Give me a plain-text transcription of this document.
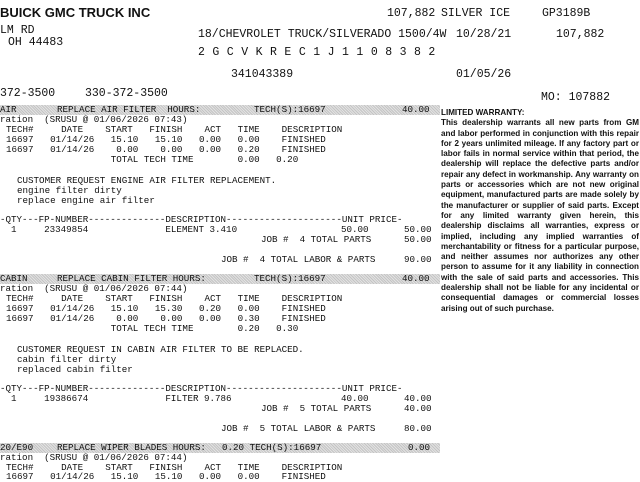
BUICK GMC TRUCK INC
LM RD
OH 44483
107,882 SILVER ICE	GP3189B
18/CHEVROLET TRUCK/SILVERADO 1500/4W 10/28/21	107,882
2 G C V K R E C 1 J 1 1 0 8 3 8 2
341043389	01/05/26
372-3500	330-372-3500	MO: 107882
AIR	REPLACE AIR FILTER  HOURS:	TECH(S):16697	40.00
ration  (SRUSU @ 01/06/2026 07:43)
TECH#     DATE    START   FINISH    ACT   TIME    DESCRIPTION
16697   01/14/26   15.10   15.10   0.00   0.00    FINISHED
16697   01/14/26    0.00    0.00   0.00   0.20    FINISHED
TOTAL TECH TIME        0.00   0.20
CUSTOMER REQUEST ENGINE AIR FILTER REPLACEMENT.
engine filter dirty
replace engine air filter
-QTY---FP-NUMBER--------------DESCRIPTION---------------------UNIT PRICE-
1     23349854              ELEMENT 3.410	50.00	50.00
JOB #  4 TOTAL PARTS	50.00
JOB #  4 TOTAL LABOR & PARTS	90.00
CABIN	REPLACE CABIN FILTER HOURS:	TECH(S):16697	40.00
ration  (SRUSU @ 01/06/2026 07:44)
TECH#     DATE    START   FINISH    ACT   TIME    DESCRIPTION
16697   01/14/26   15.10   15.30   0.20   0.00    FINISHED
16697   01/14/26    0.00    0.00   0.00   0.30    FINISHED
TOTAL TECH TIME        0.20   0.30
CUSTOMER REQUEST IN CABIN AIR FILTER TO BE REPLACED.
cabin filter dirty
replaced cabin filter
-QTY---FP-NUMBER--------------DESCRIPTION---------------------UNIT PRICE-
1     19386674              FILTER 9.786	40.00	40.00
JOB #  5 TOTAL PARTS	40.00
JOB #  5 TOTAL LABOR & PARTS	80.00
20/E90	REPLACE WIPER BLADES HOURS: 0.20 TECH(S):16697	0.00
ration  (SRUSU @ 01/06/2026 07:44)
TECH#     DATE    START   FINISH    ACT   TIME    DESCRIPTION
16697   01/14/26   15.10   15.10   0.00   0.00    FINISHED
LIMITED WARRANTY:
This dealership warrants all new parts from GM and labor performed in conjunction with this repair for 2 years unlimited mileage. If any factory part or labor fails in normal service within that period, the dealership will replace the defective parts and/or repair any defect in workmanship. Any warranty on parts or accessories which are not new original equipment, manufactured parts are made solely by the manufacturer or supplier of said parts. Except for any limited warranty given herein, this dealership disclaims all warranties, express or implied, including any implied warranties of merchantability or fitness for a particular purpose, and neither assumes nor authorizes any other person to assume for it any liability in connection with the sale of said parts and accessories. This dealership shall not be liable for any incidental or consequential damages or commercial losses arising out of such purchase.
